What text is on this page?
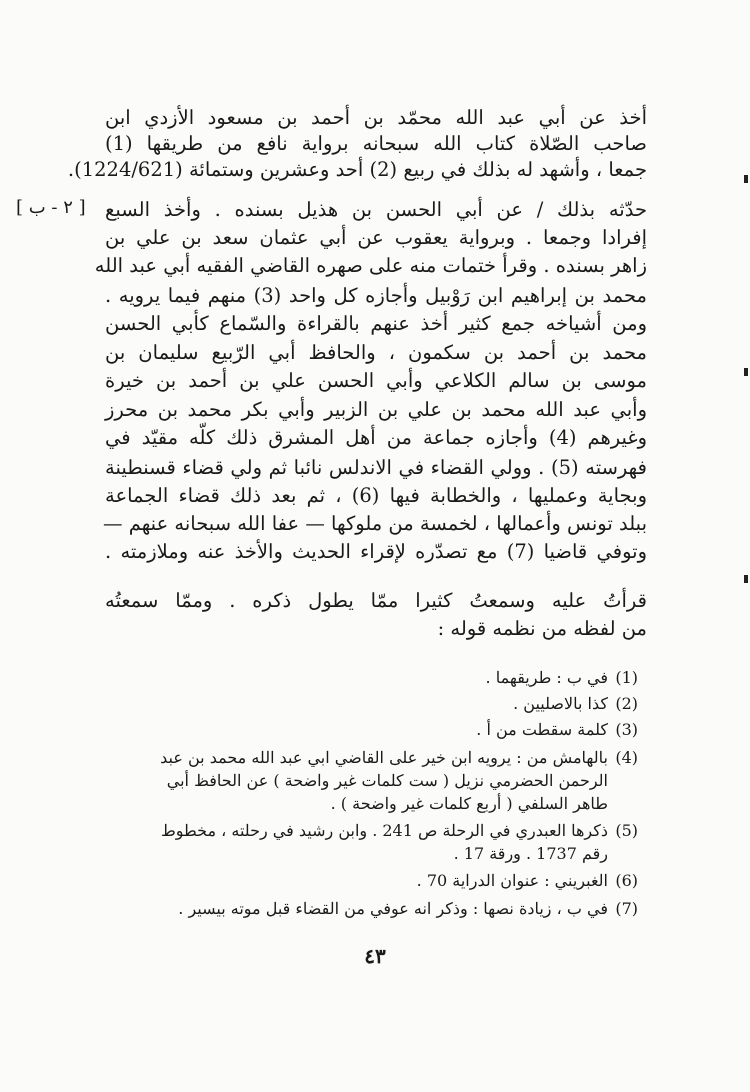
[ ٢ - ب ]
أخذ عن أبي عبد الله محمّد بن أحمد بن مسعود الأزدي ابن
صاحب الصّلاة كتاب الله سبحانه برواية نافع من طريقها (1)
جمعا ، وأشهد له بذلك في ربيع (2) أحد وعشرين وستمائة (1224/621).
حدّثه بذلك / عن أبي الحسن بن هذيل بسنده . وأخذ السبع
إفرادا وجمعا . وبرواية يعقوب عن أبي عثمان سعد بن علي بن
زاهر بسنده . وقرأ ختمات منه على صهره القاضي الفقيه أبي عبد الله
محمد بن إبراهيم ابن رَوْبيل وأجازه كل واحد (3) منهم فيما يرويه .
ومن أشياخه جمع كثير أخذ عنهم بالقراءة والسّماع كأبي الحسن
محمد بن أحمد بن سكمون ، والحافظ أبي الرّبيع سليمان بن
موسى بن سالم الكلاعي وأبي الحسن علي بن أحمد بن خيرة
وأبي عبد الله محمد بن علي بن الزبير وأبي بكر محمد بن محرز
وغيرهم (4) وأجازه جماعة من أهل المشرق ذلك كلّه مقيّد في
فهرسته (5) . وولي القضاء في الاندلس نائبا ثم ولي قضاء قسنطينة
وبجاية وعمليها ، والخطابة فيها (6) ، ثم بعد ذلك قضاء الجماعة
ببلد تونس وأعمالها ، لخمسة من ملوكها — عفا الله سبحانه عنهم —
وتوفي قاضيا (7) مع تصدّره لإقراء الحديث والأخذ عنه وملازمته .
قرأتُ عليه وسمعتُ كثيرا ممّا يطول ذكره . وممّا سمعتُه
من لفظه من نظمه قوله :
(1)
في ب : طريقهما .
(2)
كذا بالاصليين .
(3)
كلمة سقطت من أ .
(4)
بالهامش من : يرويه ابن خير على القاضي ابي عبد الله محمد بن عبد
الرحمن الحضرمي نزيل ( ست كلمات غير واضحة ) عن الحافظ أبي
طاهر السلفي ( أربع كلمات غير واضحة ) .
(5)
ذكرها العبدري في الرحلة ص 241 . وابن رشيد في رحلته ، مخطوط
رقم 1737 . ورقة 17 .
(6)
الغبريني : عنوان الدراية 70 .
(7)
في ب ، زيادة نصها : وذكر انه عوفي من القضاء قبل موته بيسير .
٤٣
